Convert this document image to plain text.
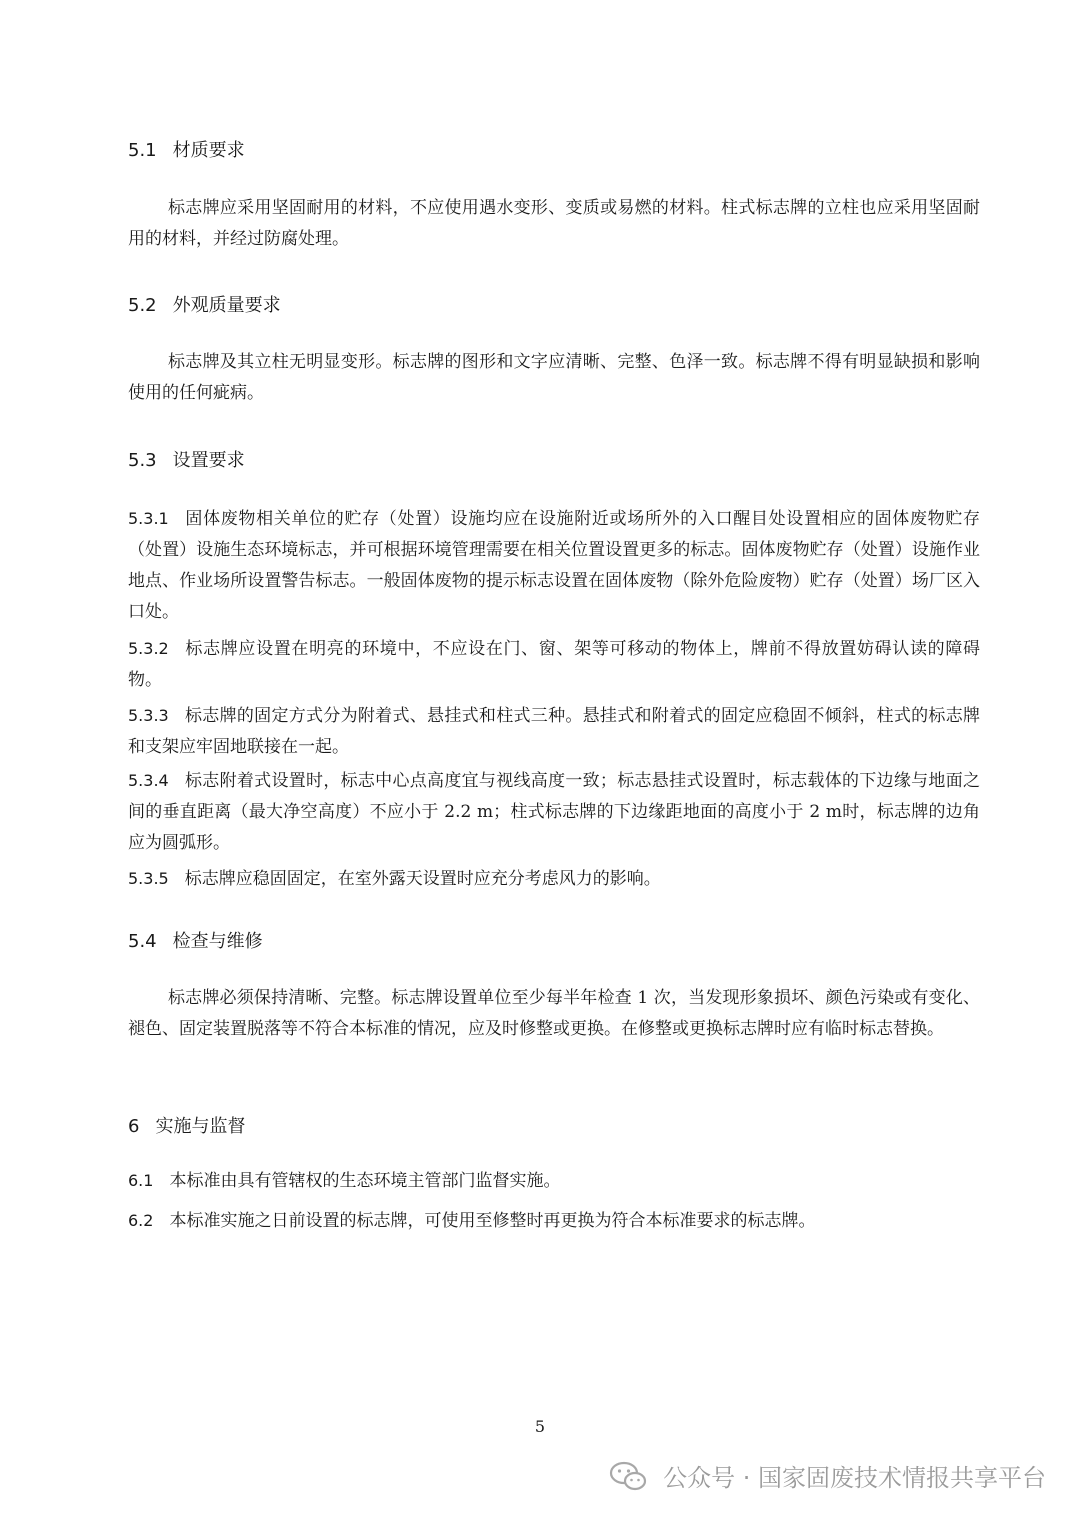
5.1 材质要求

标志牌应采用坚固耐用的材料，不应使用遇水变形、变质或易燃的材料。柱式标志牌的立柱也应采用坚固耐用的材料，并经过防腐处理。

5.2 外观质量要求

标志牌及其立柱无明显变形。标志牌的图形和文字应清晰、完整、色泽一致。标志牌不得有明显缺损和影响使用的任何疵病。

5.3 设置要求

5.3.1 固体废物相关单位的贮存（处置）设施均应在设施附近或场所外的入口醒目处设置相应的固体废物贮存（处置）设施生态环境标志，并可根据环境管理需要在相关位置设置更多的标志。固体废物贮存（处置）设施作业地点、作业场所设置警告标志。一般固体废物的提示标志设置在固体废物（除外危险废物）贮存（处置）场厂区入口处。

5.3.2 标志牌应设置在明亮的环境中，不应设在门、窗、架等可移动的物体上，牌前不得放置妨碍认读的障碍物。

5.3.3 标志牌的固定方式分为附着式、悬挂式和柱式三种。悬挂式和附着式的固定应稳固不倾斜，柱式的标志牌和支架应牢固地联接在一起。

5.3.4 标志附着式设置时，标志中心点高度宜与视线高度一致；标志悬挂式设置时，标志载体的下边缘与地面之间的垂直距离（最大净空高度）不应小于 2.2 m；柱式标志牌的下边缘距地面的高度小于 2 m时，标志牌的边角应为圆弧形。

5.3.5 标志牌应稳固固定，在室外露天设置时应充分考虑风力的影响。

5.4 检查与维修

标志牌必须保持清晰、完整。标志牌设置单位至少每半年检查 1 次，当发现形象损坏、颜色污染或有变化、褪色、固定装置脱落等不符合本标准的情况，应及时修整或更换。在修整或更换标志牌时应有临时标志替换。

6 实施与监督

6.1 本标准由具有管辖权的生态环境主管部门监督实施。

6.2 本标准实施之日前设置的标志牌，可使用至修整时再更换为符合本标准要求的标志牌。

5
公众号 · 国家固废技术情报共享平台
